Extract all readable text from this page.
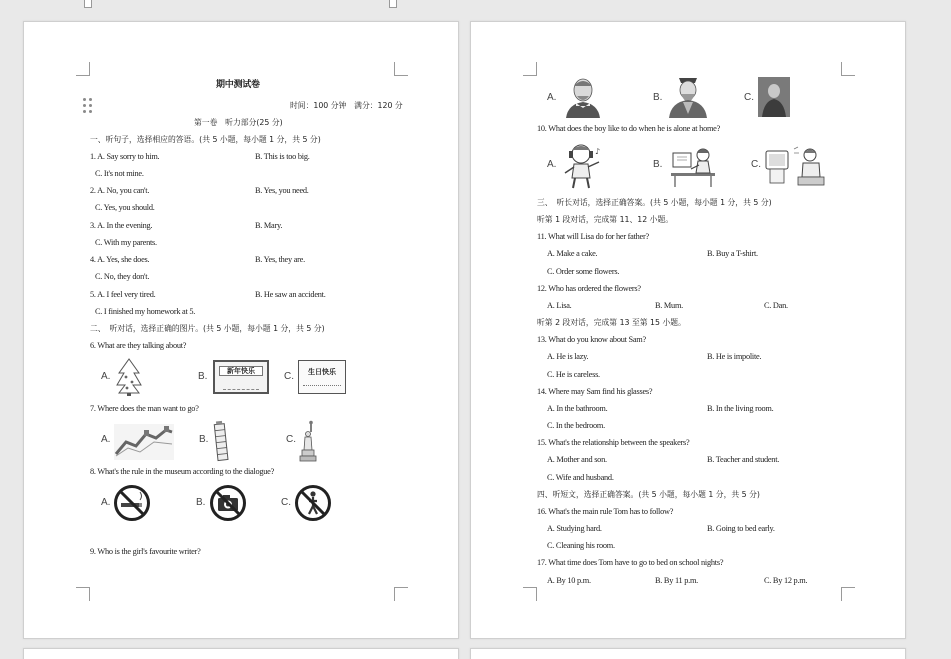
期中测试卷
时间：100 分钟　满分：120 分
第一卷　听力部分(25 分)
一、听句子，选择相应的答语。(共 5 小题，每小题 1 分，共 5 分)
1. A. Say sorry to him.	B. This is too big.
C. It's not mine.
2. A. No, you can't.	B. Yes, you need.
C. Yes, you should.
3. A. In the evening.	B. Mary.
C. With my parents.
4. A. Yes, she does.	B. Yes, they are.
C. No, they don't.
5. A. I feel very tired.	B. He saw an accident.
C. I finished my homework at 5.
二、　听对话，选择正确的图片。(共 5 小题，每小题 1 分，共 5 分)
6. What are they talking about?
A.	B.	新年快乐	C.	生日快乐
7. Where does the man want to go?
A.	B.	C.
8. What's the rule in the museum according to the dialogue?
A.	B.	C.
9. Who is the girl's favourite writer?
A.	B.	C.
10. What does the boy like to do when he is alone at home?
A.
♪
B.	C.
三、　听长对话，选择正确答案。(共 5 小题，每小题 1 分，共 5 分)
听第 1 段对话，完成第 11、12 小题。
11. What will Lisa do for her father?
A. Make a cake.	B. Buy a T-shirt.
C. Order some flowers.
12. Who has ordered the flowers?
A. Lisa.	B. Mum.	C. Dan.
听第 2 段对话，完成第 13 至第 15 小题。
13. What do you know about Sam?
A. He is lazy.	B. He is impolite.
C. He is careless.
14. Where may Sam find his glasses?
A. In the bathroom.	B. In the living room.
C. In the bedroom.
15. What's the relationship between the speakers?
A. Mother and son.	B. Teacher and student.
C. Wife and husband.
四、听短文，选择正确答案。(共 5 小题，每小题 1 分，共 5 分)
16. What's the main rule Tom has to follow?
A. Studying hard.	B. Going to bed early.
C. Cleaning his room.
17. What time does Tom have to go to bed on school nights?
A. By 10 p.m.	B. By 11 p.m.	C. By 12 p.m.
